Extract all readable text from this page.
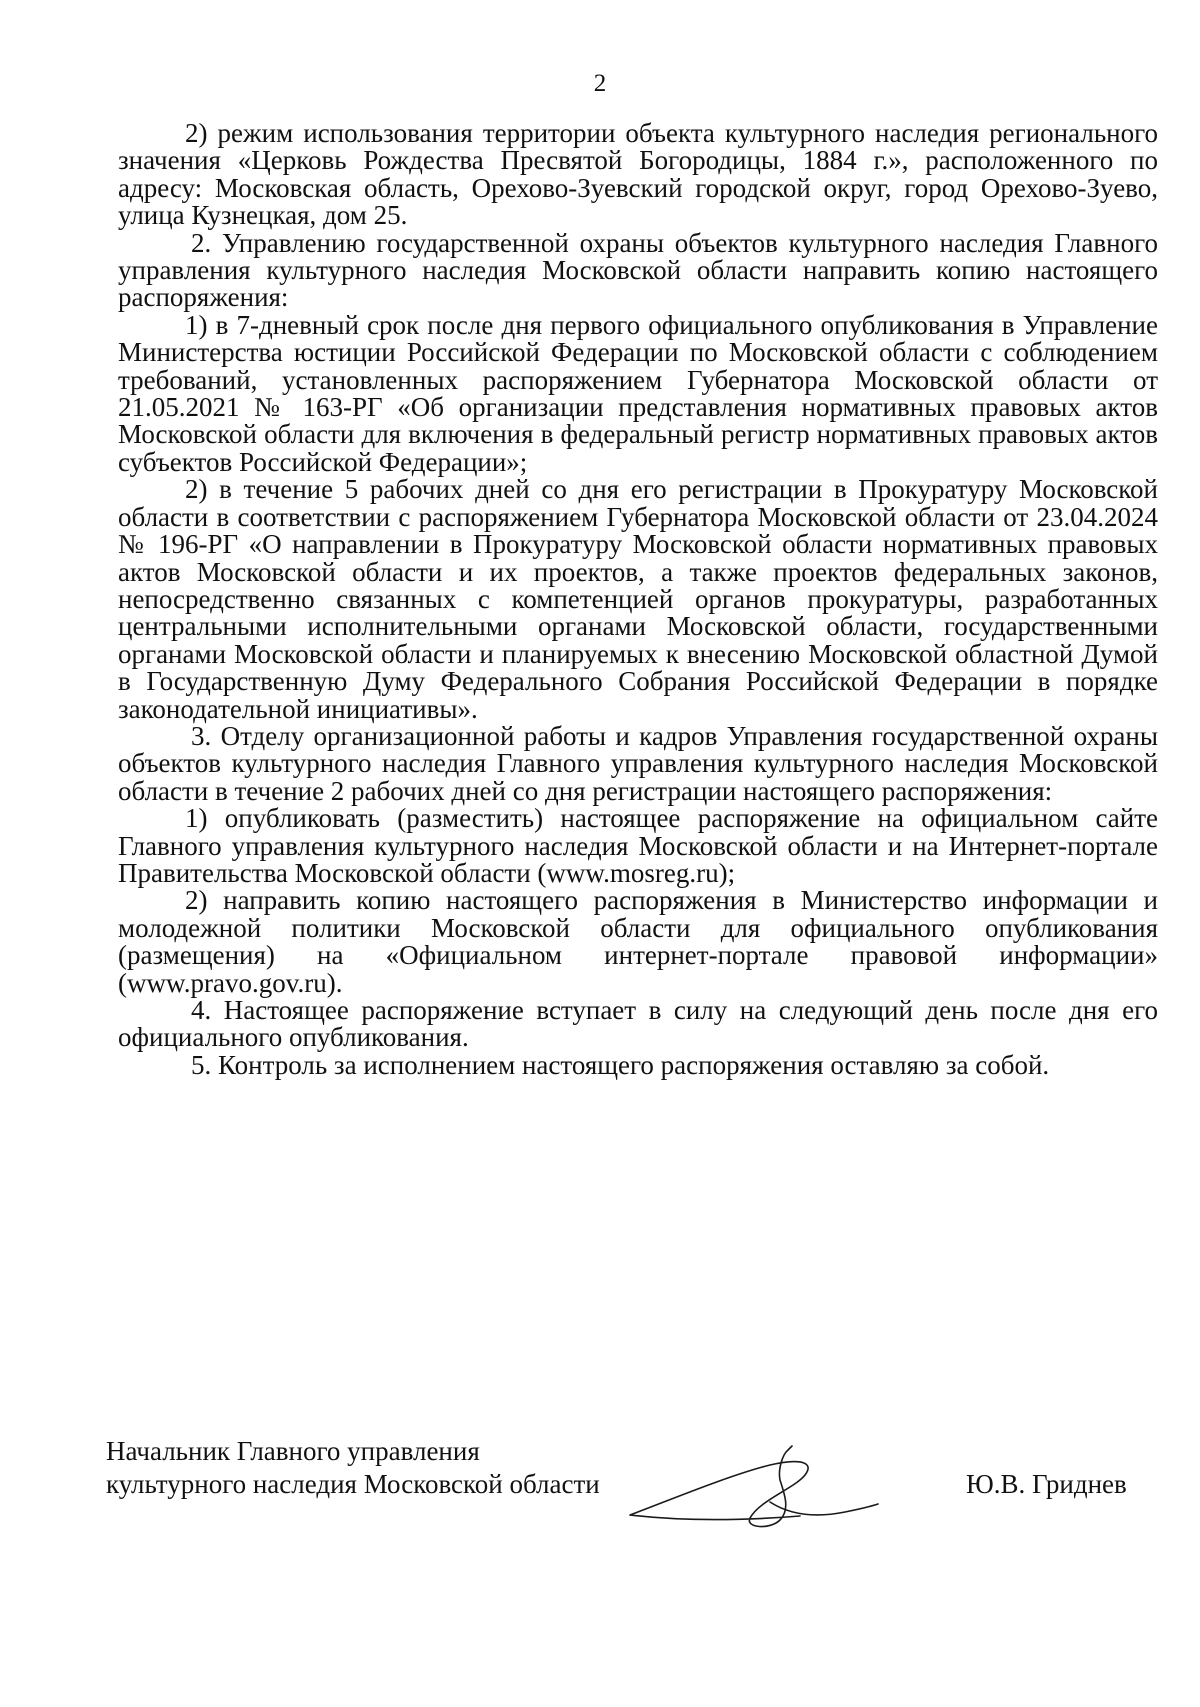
2

2) режим использования территории объекта культурного наследия регионального значения «Церковь Рождества Пресвятой Богородицы, 1884 г.», расположенного по адресу: Московская область, Орехово-Зуевский городской округ, город Орехово-Зуево, улица Кузнецкая, дом 25.

2. Управлению государственной охраны объектов культурного наследия Главного управления культурного наследия Московской области направить копию настоящего распоряжения:

1) в 7-дневный срок после дня первого официального опубликования в Управление Министерства юстиции Российской Федерации по Московской области с соблюдением требований, установленных распоряжением Губернатора Московской области от 21.05.2021 № 163-РГ «Об организации представления нормативных правовых актов Московской области для включения в федеральный регистр нормативных правовых актов субъектов Российской Федерации»;

2) в течение 5 рабочих дней со дня его регистрации в Прокуратуру Московской области в соответствии с распоряжением Губернатора Московской области от 23.04.2024 № 196-РГ «О направлении в Прокуратуру Московской области нормативных правовых актов Московской области и их проектов, а также проектов федеральных законов, непосредственно связанных с компетенцией органов прокуратуры, разработанных центральными исполнительными органами Московской области, государственными органами Московской области и планируемых к внесению Московской областной Думой в Государственную Думу Федерального Собрания Российской Федерации в порядке законодательной инициативы».

3. Отделу организационной работы и кадров Управления государственной охраны объектов культурного наследия Главного управления культурного наследия Московской области в течение 2 рабочих дней со дня регистрации настоящего распоряжения:

1) опубликовать (разместить) настоящее распоряжение на официальном сайте Главного управления культурного наследия Московской области и на Интернет-портале Правительства Московской области (www.mosreg.ru);

2) направить копию настоящего распоряжения в Министерство информации и молодежной политики Московской области для официального опубликования (размещения) на «Официальном интернет-портале правовой информации» (www.pravo.gov.ru).

4. Настоящее распоряжение вступает в силу на следующий день после дня его официального опубликования.

5. Контроль за исполнением настоящего распоряжения оставляю за собой.

Начальник Главного управления
культурного наследия Московской области	Ю.В. Гриднев
